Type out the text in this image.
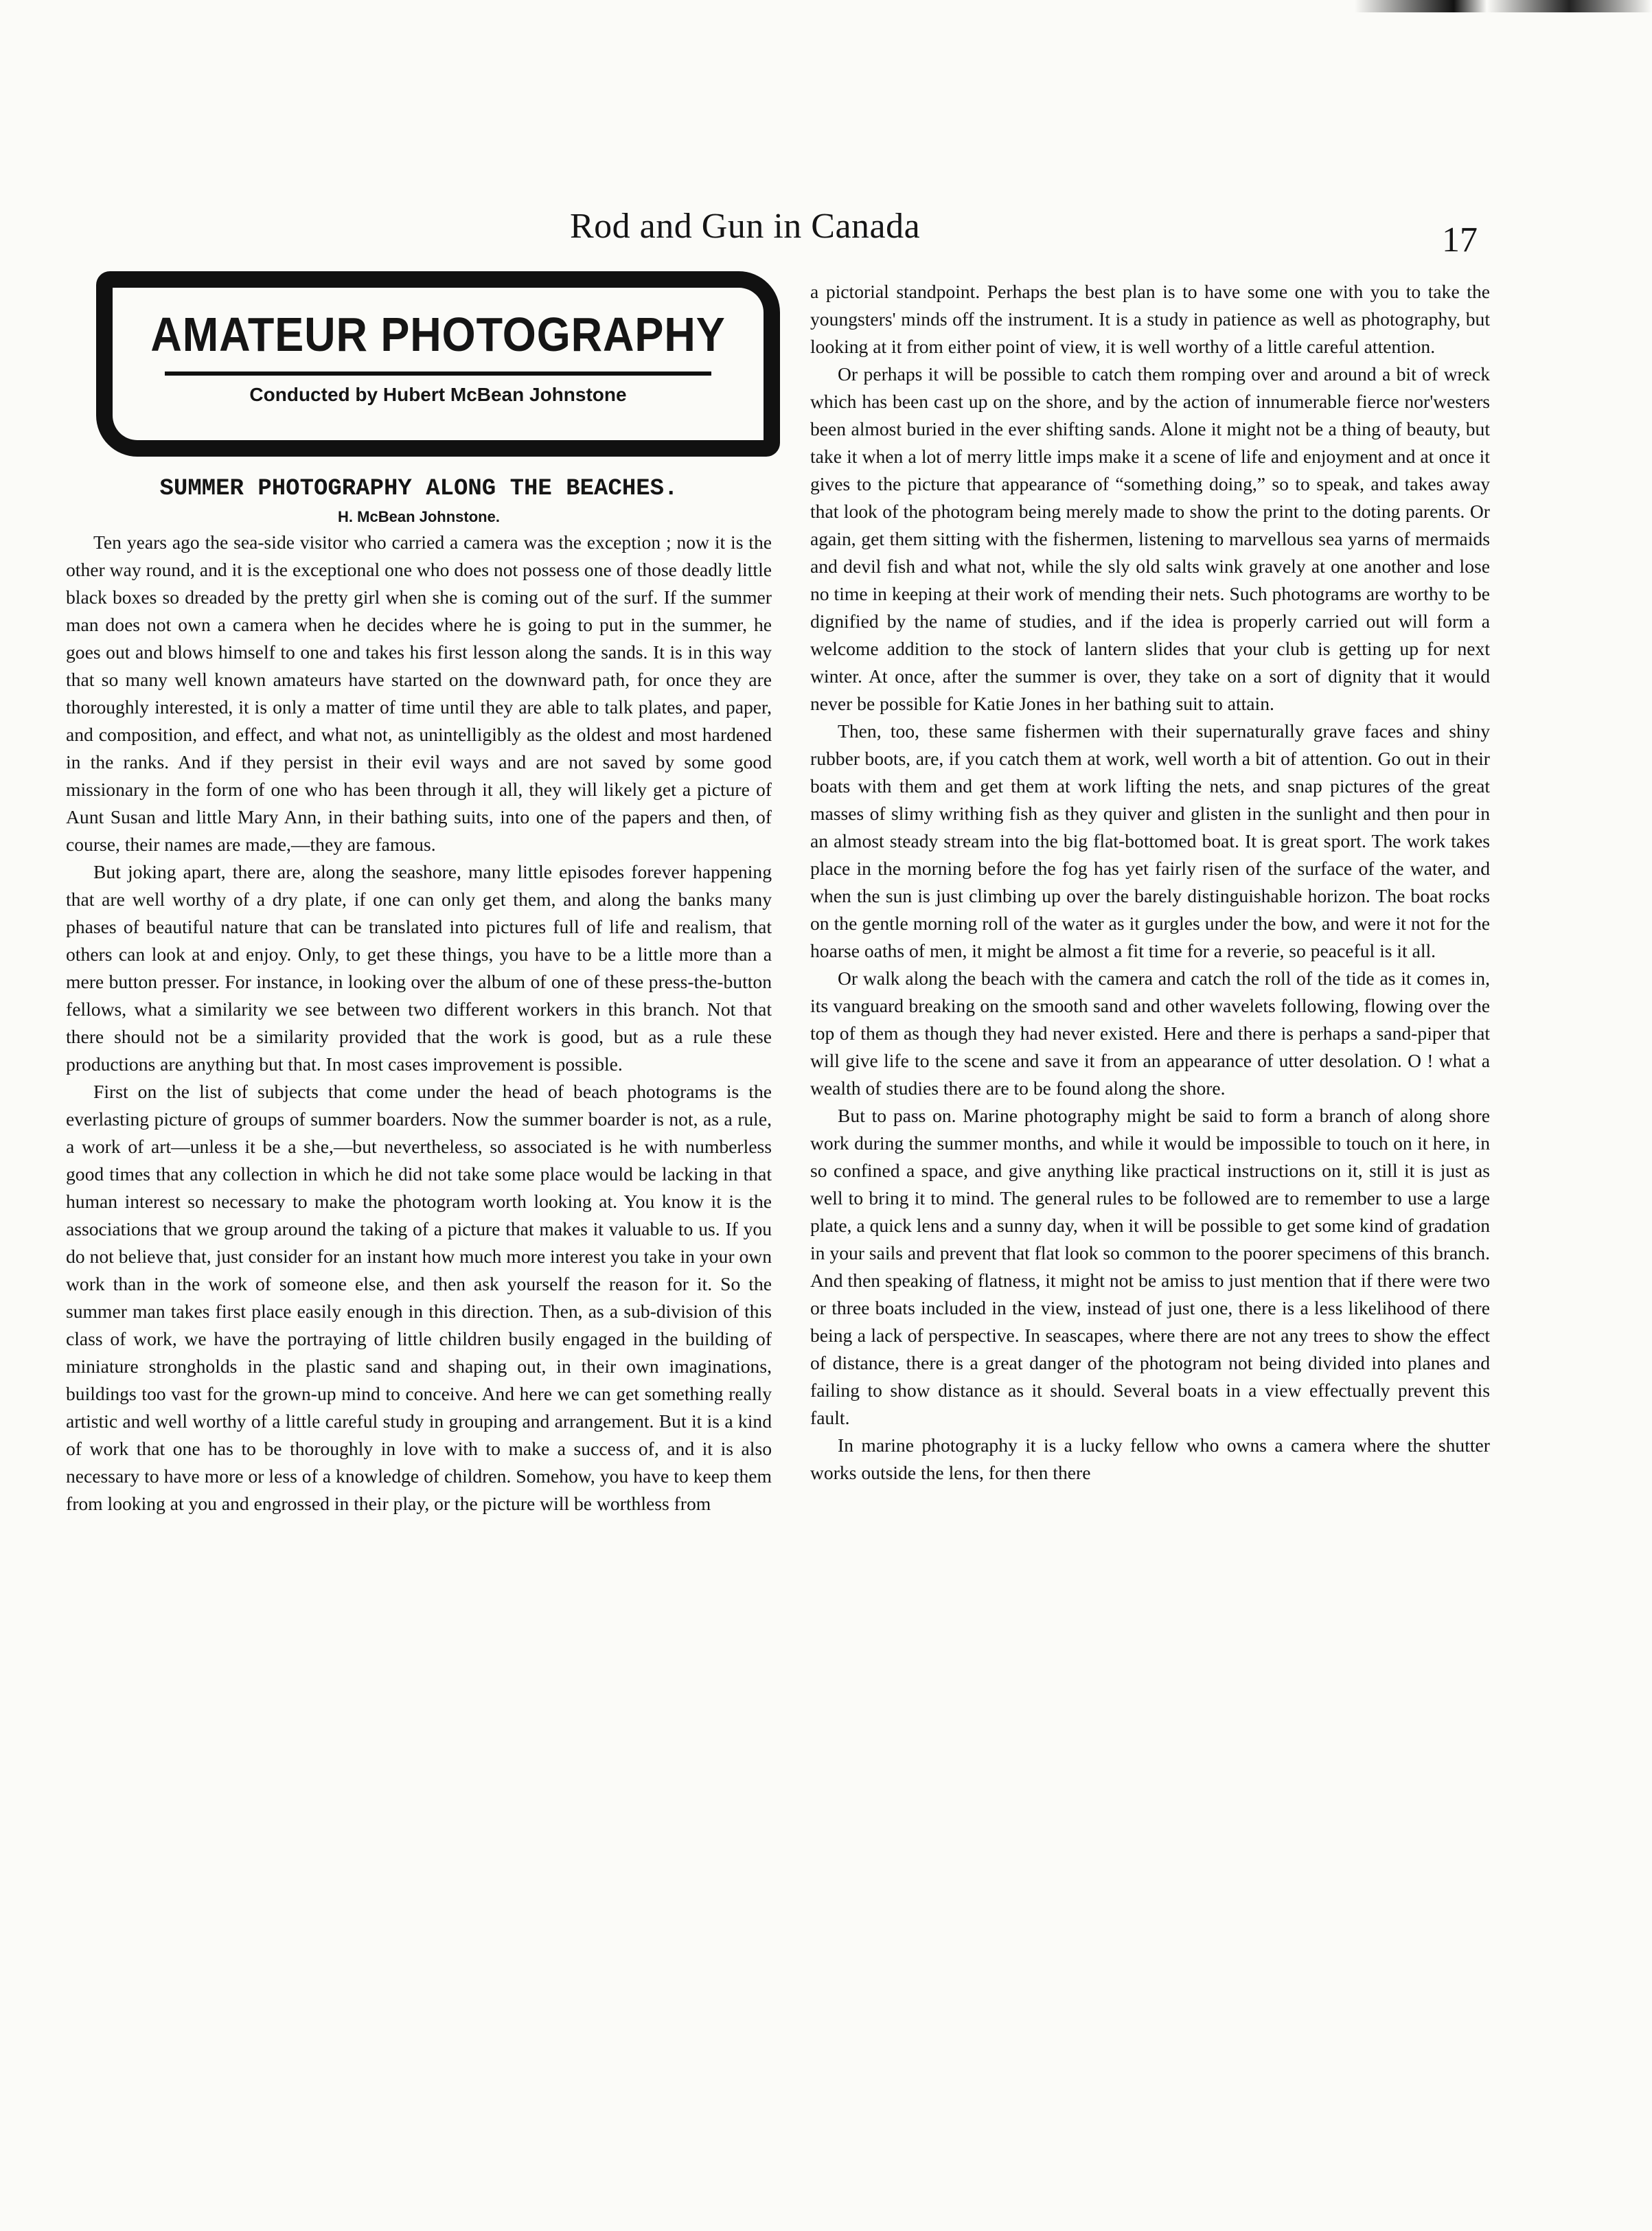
Rod and Gun in Canada	17
AMATEUR PHOTOGRAPHY
Conducted by Hubert McBean Johnstone
SUMMER PHOTOGRAPHY ALONG THE BEACHES.
H. McBean Johnstone.

Ten years ago the sea-side visitor who carried a camera was the exception ; now it is the other way round, and it is the exceptional one who does not possess one of those deadly little black boxes so dreaded by the pretty girl when she is coming out of the surf. If the summer man does not own a camera when he decides where he is going to put in the summer, he goes out and blows himself to one and takes his first lesson along the sands. It is in this way that so many well known amateurs have started on the downward path, for once they are thoroughly interested, it is only a matter of time until they are able to talk plates, and paper, and composition, and effect, and what not, as unintelligibly as the oldest and most hardened in the ranks. And if they persist in their evil ways and are not saved by some good missionary in the form of one who has been through it all, they will likely get a picture of Aunt Susan and little Mary Ann, in their bathing suits, into one of the papers and then, of course, their names are made,—they are famous.

But joking apart, there are, along the seashore, many little episodes forever happening that are well worthy of a dry plate, if one can only get them, and along the banks many phases of beautiful nature that can be translated into pictures full of life and realism, that others can look at and enjoy. Only, to get these things, you have to be a little more than a mere button presser. For instance, in looking over the album of one of these press-the-button fellows, what a similarity we see between two different workers in this branch. Not that there should not be a similarity provided that the work is good, but as a rule these productions are anything but that. In most cases improvement is possible.

First on the list of subjects that come under the head of beach photograms is the everlasting picture of groups of summer boarders. Now the summer boarder is not, as a rule, a work of art—unless it be a she,—but nevertheless, so associated is he with numberless good times that any collection in which he did not take some place would be lacking in that human interest so necessary to make the photogram worth looking at. You know it is the associations that we group around the taking of a picture that makes it valuable to us. If you do not believe that, just consider for an instant how much more interest you take in your own work than in the work of someone else, and then ask yourself the reason for it. So the summer man takes first place easily enough in this direction. Then, as a sub-division of this class of work, we have the portraying of little children busily engaged in the building of miniature strongholds in the plastic sand and shaping out, in their own imaginations, buildings too vast for the grown-up mind to conceive. And here we can get something really artistic and well worthy of a little careful study in grouping and arrangement. But it is a kind of work that one has to be thoroughly in love with to make a success of, and it is also necessary to have more or less of a knowledge of children. Somehow, you have to keep them from looking at you and engrossed in their play, or the picture will be worthless from

a pictorial standpoint. Perhaps the best plan is to have some one with you to take the youngsters' minds off the instrument. It is a study in patience as well as photography, but looking at it from either point of view, it is well worthy of a little careful attention.

Or perhaps it will be possible to catch them romping over and around a bit of wreck which has been cast up on the shore, and by the action of innumerable fierce nor'westers been almost buried in the ever shifting sands. Alone it might not be a thing of beauty, but take it when a lot of merry little imps make it a scene of life and enjoyment and at once it gives to the picture that appearance of “something doing,” so to speak, and takes away that look of the photogram being merely made to show the print to the doting parents. Or again, get them sitting with the fishermen, listening to marvellous sea yarns of mermaids and devil fish and what not, while the sly old salts wink gravely at one another and lose no time in keeping at their work of mending their nets. Such photograms are worthy to be dignified by the name of studies, and if the idea is properly carried out will form a welcome addition to the stock of lantern slides that your club is getting up for next winter. At once, after the summer is over, they take on a sort of dignity that it would never be possible for Katie Jones in her bathing suit to attain.

Then, too, these same fishermen with their supernaturally grave faces and shiny rubber boots, are, if you catch them at work, well worth a bit of attention. Go out in their boats with them and get them at work lifting the nets, and snap pictures of the great masses of slimy writhing fish as they quiver and glisten in the sunlight and then pour in an almost steady stream into the big flat-bottomed boat. It is great sport. The work takes place in the morning before the fog has yet fairly risen of the surface of the water, and when the sun is just climbing up over the barely distinguishable horizon. The boat rocks on the gentle morning roll of the water as it gurgles under the bow, and were it not for the hoarse oaths of men, it might be almost a fit time for a reverie, so peaceful is it all.

Or walk along the beach with the camera and catch the roll of the tide as it comes in, its vanguard breaking on the smooth sand and other wavelets following, flowing over the top of them as though they had never existed. Here and there is perhaps a sand-piper that will give life to the scene and save it from an appearance of utter desolation. O ! what a wealth of studies there are to be found along the shore.

But to pass on. Marine photography might be said to form a branch of along shore work during the summer months, and while it would be impossible to touch on it here, in so confined a space, and give anything like practical instructions on it, still it is just as well to bring it to mind. The general rules to be followed are to remember to use a large plate, a quick lens and a sunny day, when it will be possible to get some kind of gradation in your sails and prevent that flat look so common to the poorer specimens of this branch. And then speaking of flatness, it might not be amiss to just mention that if there were two or three boats included in the view, instead of just one, there is a less likelihood of there being a lack of perspective. In seascapes, where there are not any trees to show the effect of distance, there is a great danger of the photogram not being divided into planes and failing to show distance as it should. Several boats in a view effectually prevent this fault.

In marine photography it is a lucky fellow who owns a camera where the shutter works outside the lens, for then there
